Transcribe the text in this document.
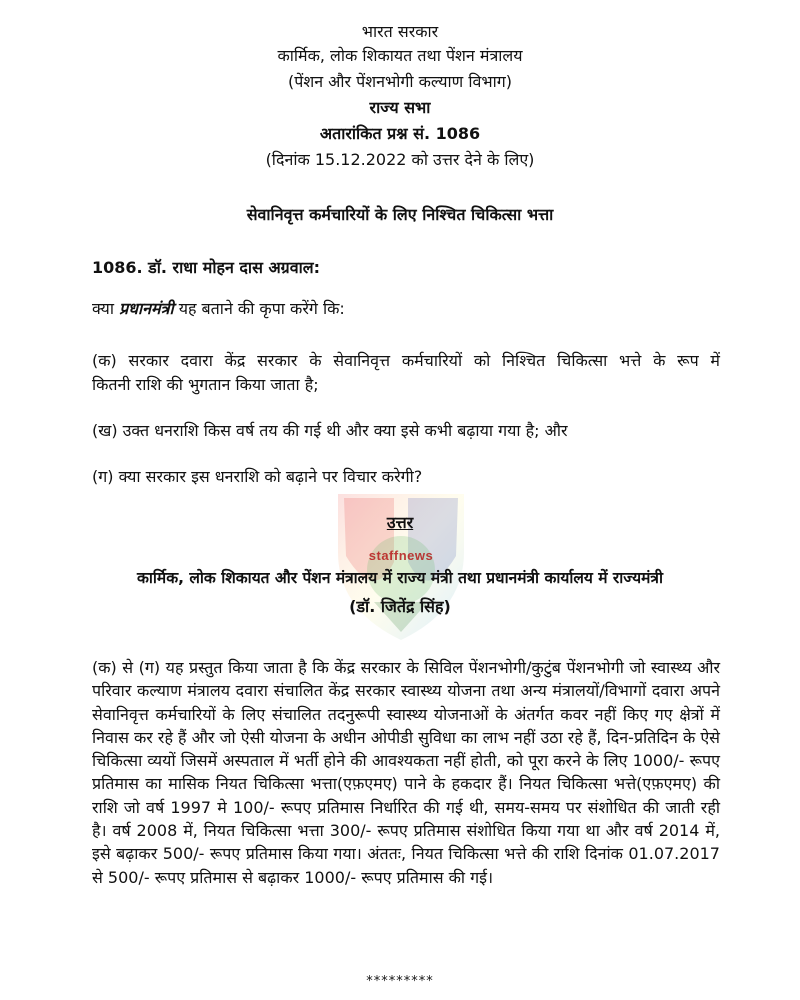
भारत सरकार
कार्मिक, लोक शिकायत तथा पेंशन मंत्रालय
(पेंशन और पेंशनभोगी कल्याण विभाग)
राज्य सभा
अतारांकित प्रश्न सं. 1086
(दिनांक 15.12.2022 को उत्तर देने के लिए)
सेवानिवृत्त कर्मचारियों के लिए निश्चित चिकित्सा भत्ता
1086. डॉ. राधा मोहन दास अग्रवाल:
क्या प्रधानमंत्री यह बताने की कृपा करेंगे कि:
(क) सरकार दवारा केंद्र सरकार के सेवानिवृत्त कर्मचारियों को निश्चित चिकित्सा भत्ते के रूप में
कितनी राशि की भुगतान किया जाता है;
(ख) उक्त धनराशि किस वर्ष तय की गई थी और क्या इसे कभी बढ़ाया गया है; और
(ग) क्या सरकार इस धनराशि को बढ़ाने पर विचार करेगी?
staffnews
उत्तर
कार्मिक, लोक शिकायत और पेंशन मंत्रालय में राज्य मंत्री तथा प्रधानमंत्री कार्यालय में राज्यमंत्री
(डॉ. जितेंद्र सिंह)
(क) से (ग) यह प्रस्तुत किया जाता है कि केंद्र सरकार के सिविल पेंशनभोगी/कुटुंब पेंशनभोगी जो स्वास्थ्य और परिवार कल्याण मंत्रालय दवारा संचालित केंद्र सरकार स्वास्थ्य योजना तथा अन्य मंत्रालयों/विभागों दवारा अपने सेवानिवृत्त कर्मचारियों के लिए संचालित तदनुरूपी स्वास्थ्य योजनाओं के अंतर्गत कवर नहीं किए गए क्षेत्रों में निवास कर रहे हैं और जो ऐसी योजना के अधीन ओपीडी सुविधा का लाभ नहीं उठा रहे हैं, दिन-प्रतिदिन के ऐसे चिकित्सा व्ययों जिसमें अस्पताल में भर्ती होने की आवश्यकता नहीं होती, को पूरा करने के लिए 1000/- रूपए प्रतिमास का मासिक नियत चिकित्सा भत्ता(एफ़एमए) पाने के हकदार हैं। नियत चिकित्सा भत्ते(एफ़एमए) की राशि जो वर्ष 1997 मे 100/- रूपए प्रतिमास निर्धारित की गई थी, समय-समय पर संशोधित की जाती रही है। वर्ष 2008 में, नियत चिकित्सा भत्ता 300/- रूपए प्रतिमास संशोधित किया गया था और वर्ष 2014 में, इसे बढ़ाकर 500/- रूपए प्रतिमास किया गया। अंततः, नियत चिकित्सा भत्ते की राशि दिनांक 01.07.2017 से 500/- रूपए प्रतिमास से बढ़ाकर 1000/- रूपए प्रतिमास की गई।
*********
